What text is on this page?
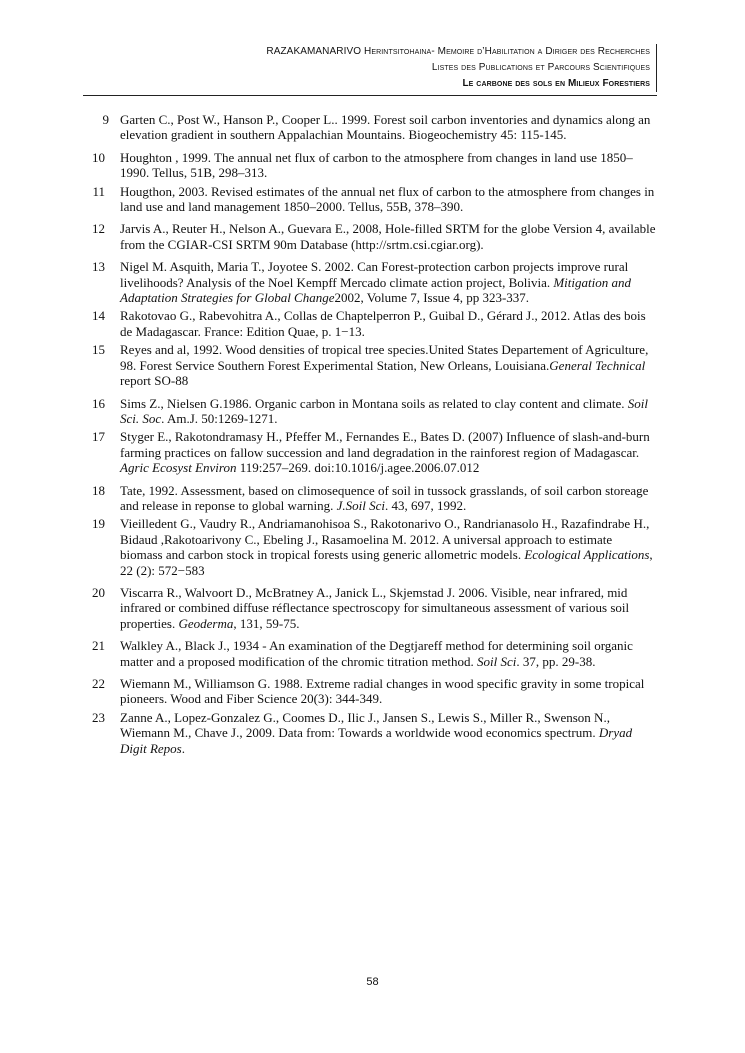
RAZAKAMANARIVO Herintsitohaina- Memoire d’Habilitation a Diriger des Recherches
Listes des Publications et Parcours Scientifiques
Le carbone des sols en Milieux Forestiers
9 Garten C., Post W., Hanson P., Cooper L.. 1999. Forest soil carbon inventories and dynamics along an elevation gradient in southern Appalachian Mountains. Biogeochemistry 45: 115-145.
10 Houghton , 1999. The annual net flux of carbon to the atmosphere from changes in land use 1850–1990. Tellus, 51B, 298–313.
11 Hougthon, 2003. Revised estimates of the annual net flux of carbon to the atmosphere from changes in land use and land management 1850–2000. Tellus, 55B, 378–390.
12 Jarvis A., Reuter H., Nelson A., Guevara E., 2008, Hole-filled SRTM for the globe Version 4, available from the CGIAR-CSI SRTM 90m Database (http://srtm.csi.cgiar.org).
13 Nigel M. Asquith, Maria T., Joyotee S. 2002. Can Forest-protection carbon projects improve rural livelihoods? Analysis of the Noel Kempff Mercado climate action project, Bolivia. Mitigation and Adaptation Strategies for Global Change2002, Volume 7, Issue 4, pp 323-337.
14 Rakotovao G., Rabevohitra A., Collas de Chaptelperron P., Guibal D., Gérard J., 2012. Atlas des bois de Madagascar. France: Edition Quae, p. 1−13.
15 Reyes and al, 1992. Wood densities of tropical tree species.United States Departement of Agriculture, 98. Forest Service Southern Forest Experimental Station, New Orleans, Louisiana.General Technical report SO-88
16 Sims Z., Nielsen G.1986. Organic carbon in Montana soils as related to clay content and climate. Soil Sci. Soc. Am.J. 50:1269-1271.
17 Styger E., Rakotondramasy H., Pfeffer M., Fernandes E., Bates D. (2007) Influence of slash-and-burn farming practices on fallow succession and land degradation in the rainforest region of Madagascar. Agric Ecosyst Environ 119:257–269. doi:10.1016/j.agee.2006.07.012
18 Tate, 1992. Assessment, based on climosequence of soil in tussock grasslands, of soil carbon storeage and release in reponse to global warning. J.Soil Sci. 43, 697, 1992.
19 Vieilledent G., Vaudry R., Andriamanohisoa S., Rakotonarivo O., Randrianasolo H., Razafindrabe H., Bidaud ,Rakotoarivony C., Ebeling J., Rasamoelina M. 2012. A universal approach to estimate biomass and carbon stock in tropical forests using generic allometric models. Ecological Applications, 22 (2): 572−583
20 Viscarra R., Walvoort D., McBratney A., Janick L., Skjemstad J. 2006. Visible, near infrared, mid infrared or combined diffuse réflectance spectroscopy for simultaneous assessment of various soil properties. Geoderma, 131, 59-75.
21 Walkley A., Black J., 1934 - An examination of the Degtjareff method for determining soil organic matter and a proposed modification of the chromic titration method. Soil Sci. 37, pp. 29-38.
22 Wiemann M., Williamson G. 1988. Extreme radial changes in wood specific gravity in some tropical pioneers. Wood and Fiber Science 20(3): 344-349.
23 Zanne A., Lopez-Gonzalez G., Coomes D., Ilic J., Jansen S., Lewis S., Miller R., Swenson N., Wiemann M., Chave J., 2009. Data from: Towards a worldwide wood economics spectrum. Dryad Digit Repos.
58
